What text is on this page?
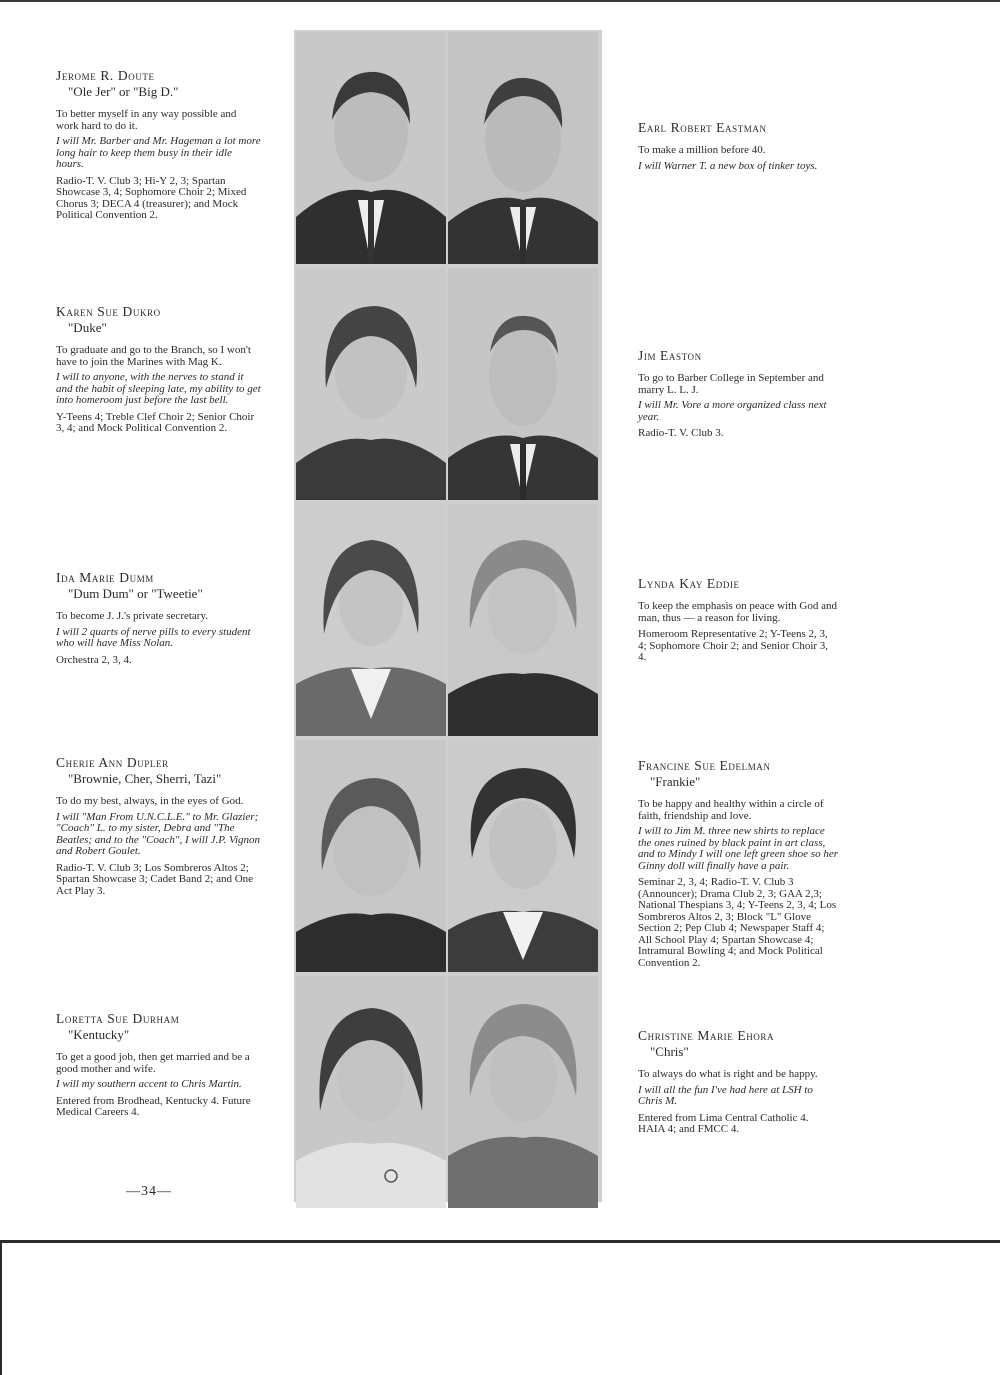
Jerome R. Doute

"Ole Jer" or "Big D."

To better myself in any way possible and work hard to do it.

I will Mr. Barber and Mr. Hageman a lot more long hair to keep them busy in their idle hours.

Radio-T. V. Club 3; Hi-Y 2, 3; Spartan Showcase 3, 4; Sophomore Choir 2; Mixed Chorus 3; DECA 4 (treasurer); and Mock Political Convention 2.

Karen Sue Dukro

"Duke"

To graduate and go to the Branch, so I won't have to join the Marines with Mag K.

I will to anyone, with the nerves to stand it and the habit of sleeping late, my ability to get into homeroom just before the last bell.

Y-Teens 4; Treble Clef Choir 2; Senior Choir 3, 4; and Mock Political Convention 2.

Ida Marie Dumm

"Dum Dum" or "Tweetie"

To become J. J.'s private secretary.

I will 2 quarts of nerve pills to every student who will have Miss Nolan.

Orchestra 2, 3, 4.

Cherie Ann Dupler

"Brownie, Cher, Sherri, Tazi"

To do my best, always, in the eyes of God.

I will "Man From U.N.C.L.E." to Mr. Glazier; "Coach" L. to my sister, Debra and "The Beatles; and to the "Coach", I will J.P. Vignon and Robert Goulet.

Radio-T. V. Club 3; Los Sombreros Altos 2; Spartan Showcase 3; Cadet Band 2; and One Act Play 3.

Loretta Sue Durham

"Kentucky"

To get a good job, then get married and be a good mother and wife.

I will my southern accent to Chris Martin.

Entered from Brodhead, Kentucky 4. Future Medical Careers 4.

Earl Robert Eastman

To make a million before 40.

I will Warner T. a new box of tinker toys.

Jim Easton

To go to Barber College in September and marry L. L. J.

I will Mr. Vore a more organized class next year.

Radio-T. V. Club 3.

Lynda Kay Eddie

To keep the emphasis on peace with God and man, thus — a reason for living.

Homeroom Representative 2; Y-Teens 2, 3, 4; Sophomore Choir 2; and Senior Choir 3, 4.

Francine Sue Edelman

"Frankie"

To be happy and healthy within a circle of faith, friendship and love.

I will to Jim M. three new shirts to replace the ones ruined by black paint in art class, and to Mindy I will one left green shoe so her Ginny doll will finally have a pair.

Seminar 2, 3, 4; Radio-T. V. Club 3 (Announcer); Drama Club 2, 3; GAA 2,3; National Thespians 3, 4; Y-Teens 2, 3, 4; Los Sombreros Altos 2, 3; Block "L" Glove Section 2; Pep Club 4; Newspaper Staff 4; All School Play 4; Spartan Showcase 4; Intramural Bowling 4; and Mock Political Convention 2.

Christine Marie Ehora

"Chris"

To always do what is right and be happy.

I will all the fun I've had here at LSH to Chris M.

Entered from Lima Central Catholic 4. HAIA 4; and FMCC 4.

—34—
